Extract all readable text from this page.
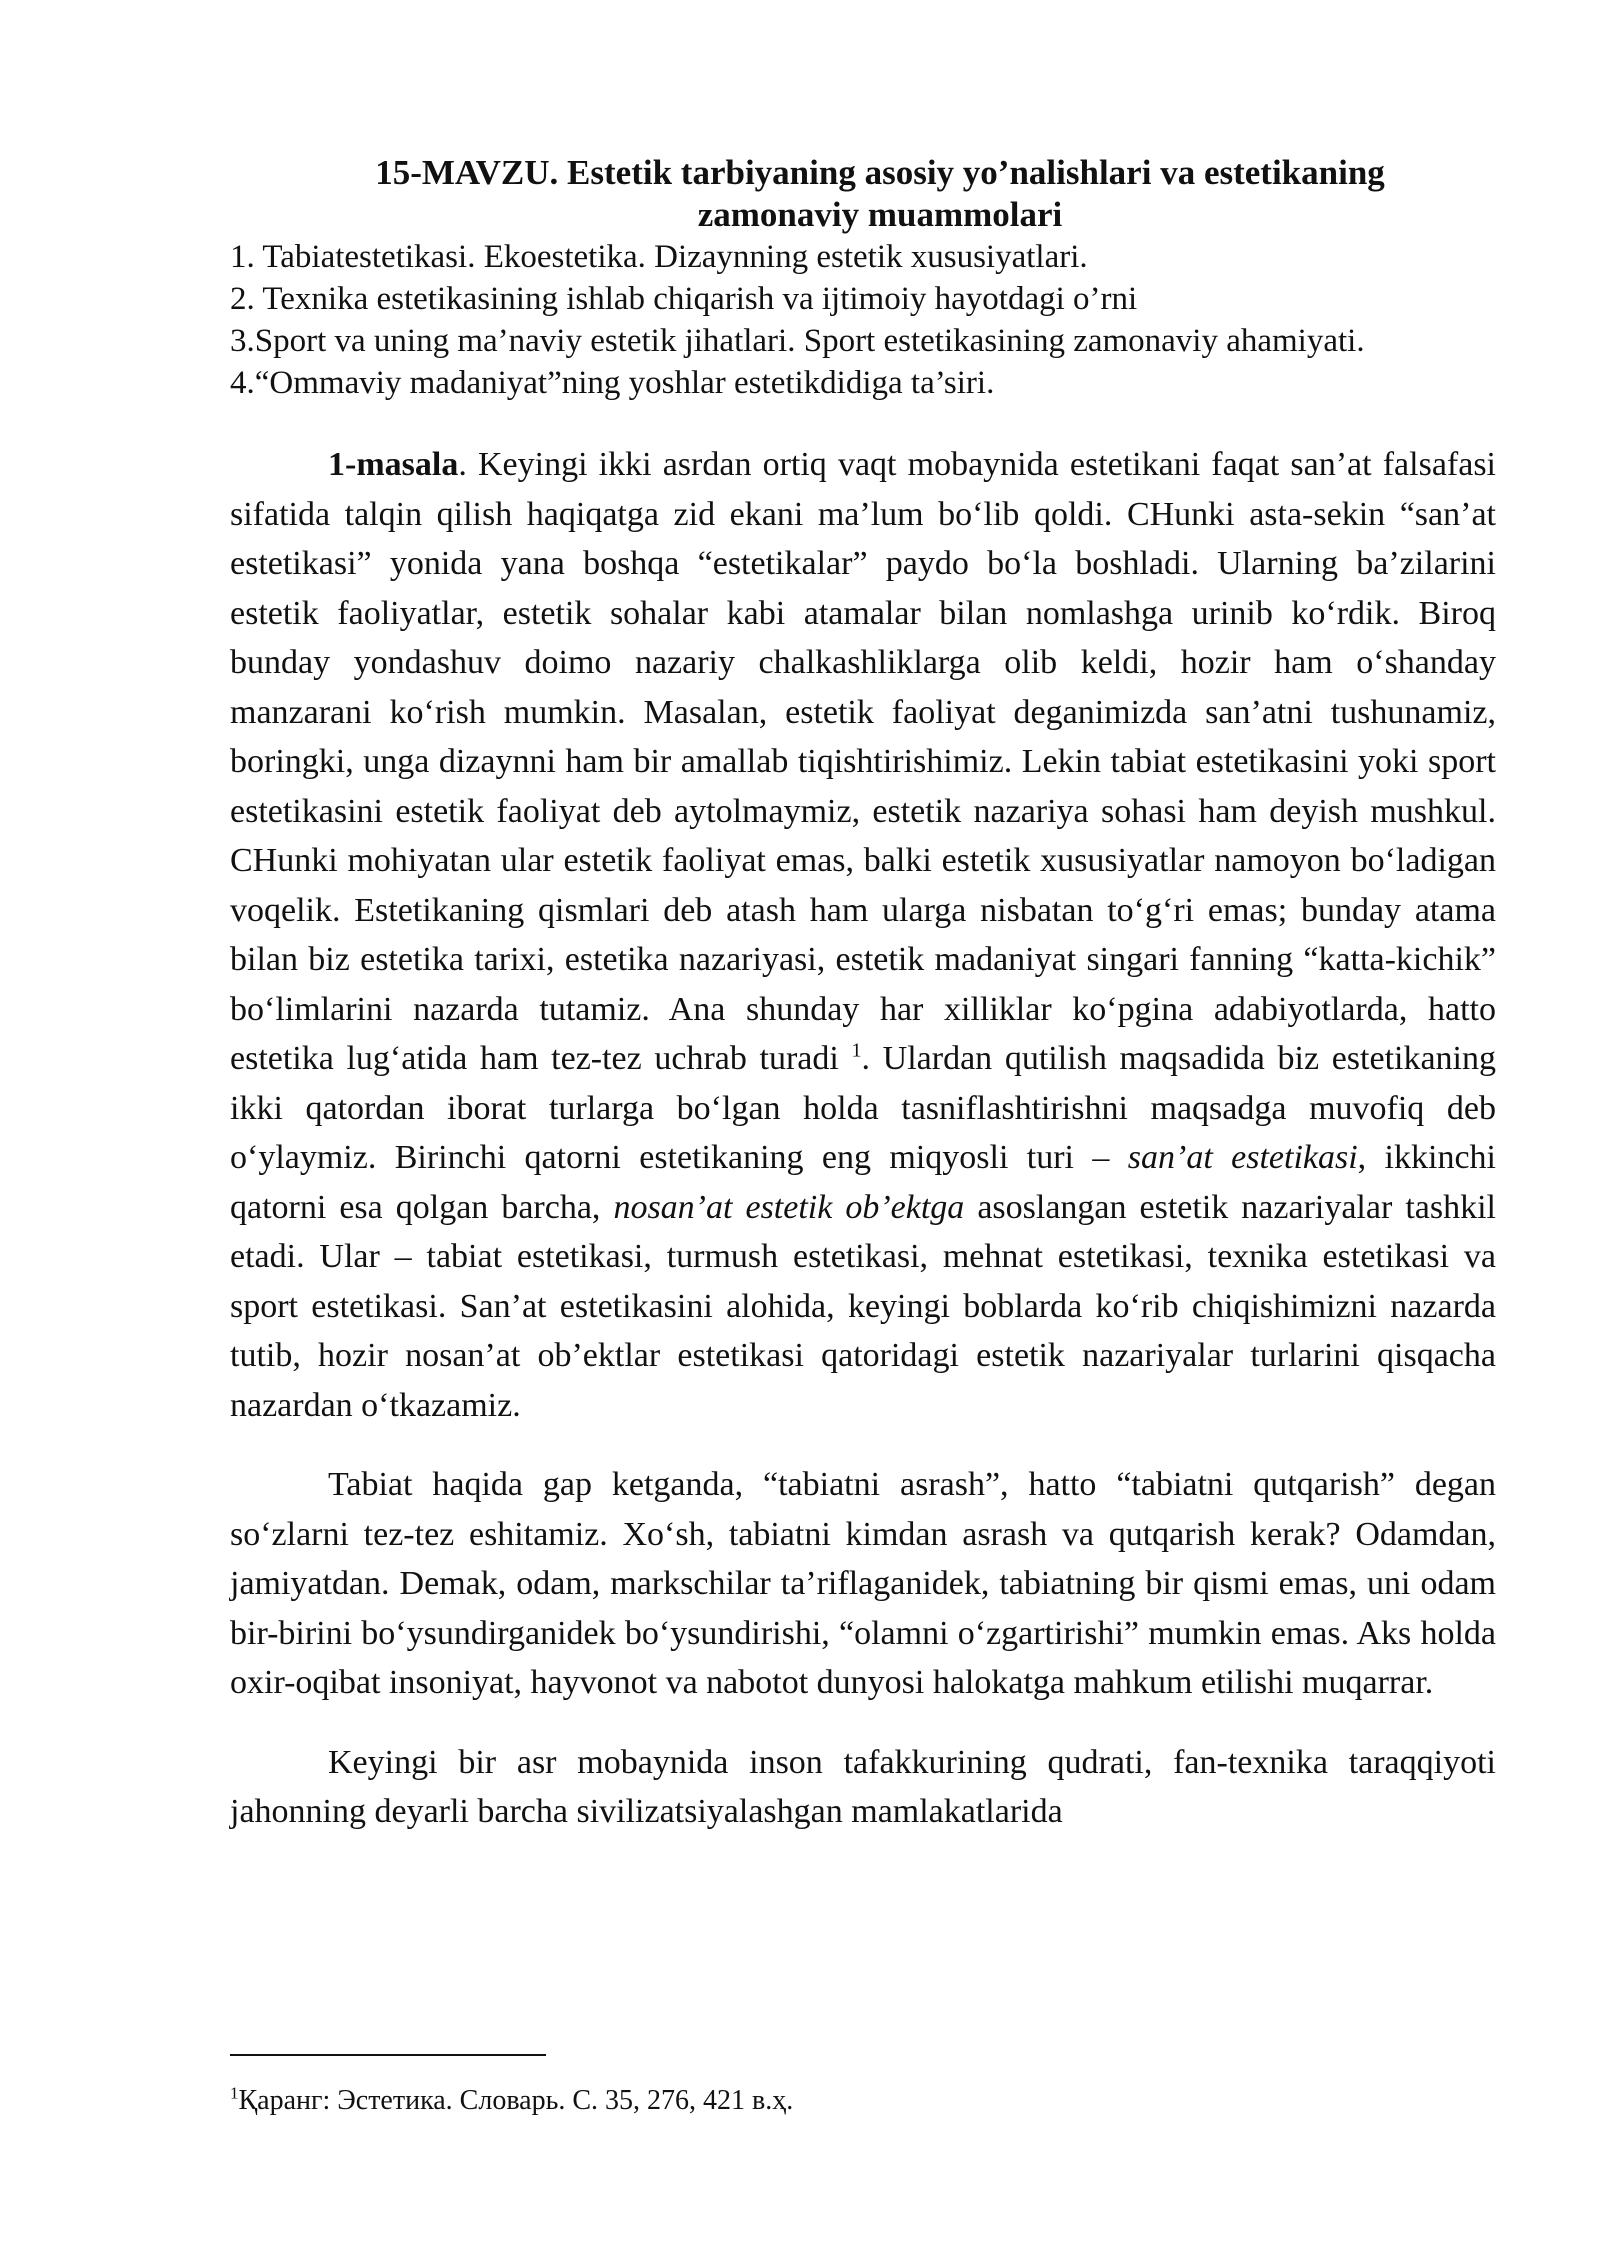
15-MAVZU. Estetik tarbiyaning asosiy yo’nalishlari va estetikaning
zamonaviy muammolari
1. Tabiatestetikasi. Ekoestetika. Dizaynning estetik xususiyatlari.
2. Texnika estetikasining ishlab chiqarish va ijtimoiy hayotdagi o’rni
3.Sport va uning ma’naviy estetik jihatlari. Sport estetikasining zamonaviy ahamiyati.
4.“Ommaviy madaniyat”ning yoshlar estetikdidiga ta’siri.

1-masala. Keyingi ikki asrdan ortiq vaqt mobaynida estetikani faqat san’at falsafasi sifatida talqin qilish haqiqatga zid ekani ma’lum bo‘lib qoldi. CHunki asta-sekin “san’at estetikasi” yonida yana boshqa “estetikalar” paydo bo‘la boshladi. Ularning ba’zilarini estetik faoliyatlar, estetik sohalar kabi atamalar bilan nomlashga urinib ko‘rdik. Biroq bunday yondashuv doimo nazariy chalkashliklarga olib keldi, hozir ham o‘shanday manzarani ko‘rish mumkin. Masalan, estetik faoliyat deganimizda san’atni tushunamiz, boringki, unga dizaynni ham bir amallab tiqishtirishimiz. Lekin tabiat estetikasini yoki sport estetikasini estetik faoliyat deb aytolmaymiz, estetik nazariya sohasi ham deyish mushkul. CHunki mohiyatan ular estetik faoliyat emas, balki estetik xususiyatlar namoyon bo‘ladigan voqelik. Estetikaning qismlari deb atash ham ularga nisbatan to‘g‘ri emas; bunday atama bilan biz estetika tarixi, estetika nazariyasi, estetik madaniyat singari fanning “katta-kichik” bo‘limlarini nazarda tutamiz. Ana shunday har xilliklar ko‘pgina adabiyotlarda, hatto estetika lug‘atida ham tez-tez uchrab turadi $^1$. Ulardan qutilish maqsadida biz estetikaning ikki qatordan iborat turlarga bo‘lgan holda tasniflashtirishni maqsadga muvofiq deb o‘ylaymiz. Birinchi qatorni estetikaning eng miqyosli turi – san’at estetikasi, ikkinchi qatorni esa qolgan barcha, nosan’at estetik ob’ektga asoslangan estetik nazariyalar tashkil etadi. Ular – tabiat estetikasi, turmush estetikasi, mehnat estetikasi, texnika estetikasi va sport estetikasi. San’at estetikasini alohida, keyingi boblarda ko‘rib chiqishimizni nazarda tutib, hozir nosan’at ob’ektlar estetikasi qatoridagi estetik nazariyalar turlarini qisqacha nazardan o‘tkazamiz.

Tabiat haqida gap ketganda, “tabiatni asrash”, hatto “tabiatni qutqarish” degan so‘zlarni tez-tez eshitamiz. Xo‘sh, tabiatni kimdan asrash va qutqarish kerak? Odamdan, jamiyatdan. Demak, odam, markschilar ta’riflaganidek, tabiatning bir qismi emas, uni odam bir-birini bo‘ysundirganidek bo‘ysundirishi, “olamni o‘zgartirishi” mumkin emas. Aks holda oxir-oqibat insoniyat, hayvonot va nabotot dunyosi halokatga mahkum etilishi muqarrar.

Keyingi bir asr mobaynida inson tafakkurining qudrati, fan-texnika taraqqiyoti jahonning deyarli barcha sivilizatsiyalashgan mamlakatlarida

$^1$Қаранг: Эстетика. Словарь. С. 35, 276, 421 в.ҳ.
